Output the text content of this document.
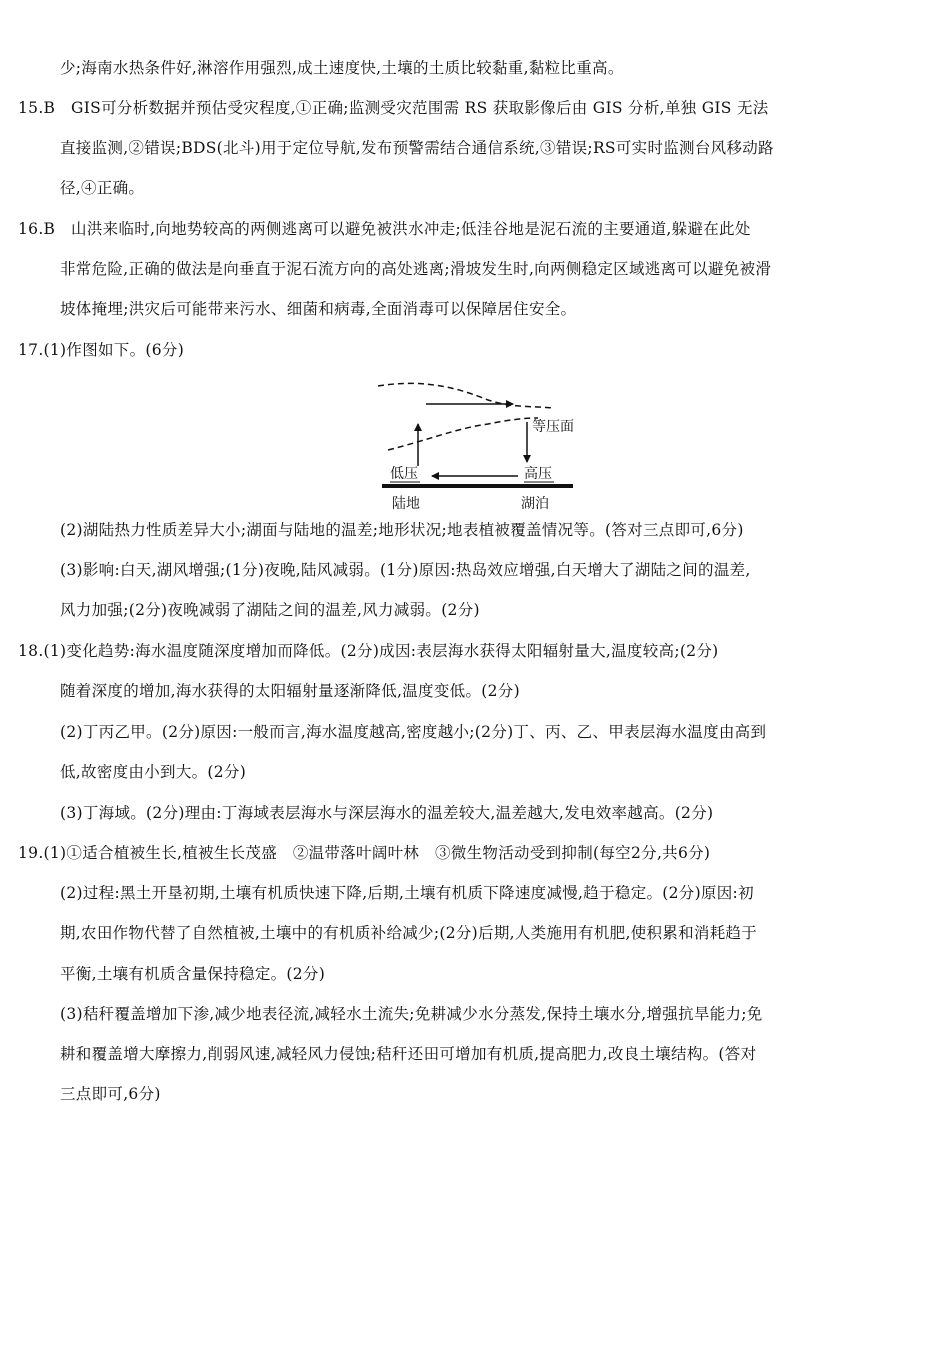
少;海南水热条件好,淋溶作用强烈,成土速度快,土壤的土质比较黏重,黏粒比重高。
15.B　GIS可分析数据并预估受灾程度,①正确;监测受灾范围需 RS 获取影像后由 GIS 分析,单独 GIS 无法
直接监测,②错误;BDS(北斗)用于定位导航,发布预警需结合通信系统,③错误;RS可实时监测台风移动路
径,④正确。
16.B　山洪来临时,向地势较高的两侧逃离可以避免被洪水冲走;低洼谷地是泥石流的主要通道,躲避在此处
非常危险,正确的做法是向垂直于泥石流方向的高处逃离;滑坡发生时,向两侧稳定区域逃离可以避免被滑
坡体掩埋;洪灾后可能带来污水、细菌和病毒,全面消毒可以保障居住安全。
17.(1)作图如下。(6分)
等压面
低压	高压
陆地	湖泊
(2)湖陆热力性质差异大小;湖面与陆地的温差;地形状况;地表植被覆盖情况等。(答对三点即可,6分)
(3)影响:白天,湖风增强;(1分)夜晚,陆风减弱。(1分)原因:热岛效应增强,白天增大了湖陆之间的温差,
风力加强;(2分)夜晚减弱了湖陆之间的温差,风力减弱。(2分)
18.(1)变化趋势:海水温度随深度增加而降低。(2分)成因:表层海水获得太阳辐射量大,温度较高;(2分)
随着深度的增加,海水获得的太阳辐射量逐渐降低,温度变低。(2分)
(2)丁丙乙甲。(2分)原因:一般而言,海水温度越高,密度越小;(2分)丁、丙、乙、甲表层海水温度由高到
低,故密度由小到大。(2分)
(3)丁海域。(2分)理由:丁海域表层海水与深层海水的温差较大,温差越大,发电效率越高。(2分)
19.(1)①适合植被生长,植被生长茂盛　②温带落叶阔叶林　③微生物活动受到抑制(每空2分,共6分)
(2)过程:黑土开垦初期,土壤有机质快速下降,后期,土壤有机质下降速度减慢,趋于稳定。(2分)原因:初
期,农田作物代替了自然植被,土壤中的有机质补给减少;(2分)后期,人类施用有机肥,使积累和消耗趋于
平衡,土壤有机质含量保持稳定。(2分)
(3)秸秆覆盖增加下渗,减少地表径流,减轻水土流失;免耕减少水分蒸发,保持土壤水分,增强抗旱能力;免
耕和覆盖增大摩擦力,削弱风速,减轻风力侵蚀;秸秆还田可增加有机质,提高肥力,改良土壤结构。(答对
三点即可,6分)
